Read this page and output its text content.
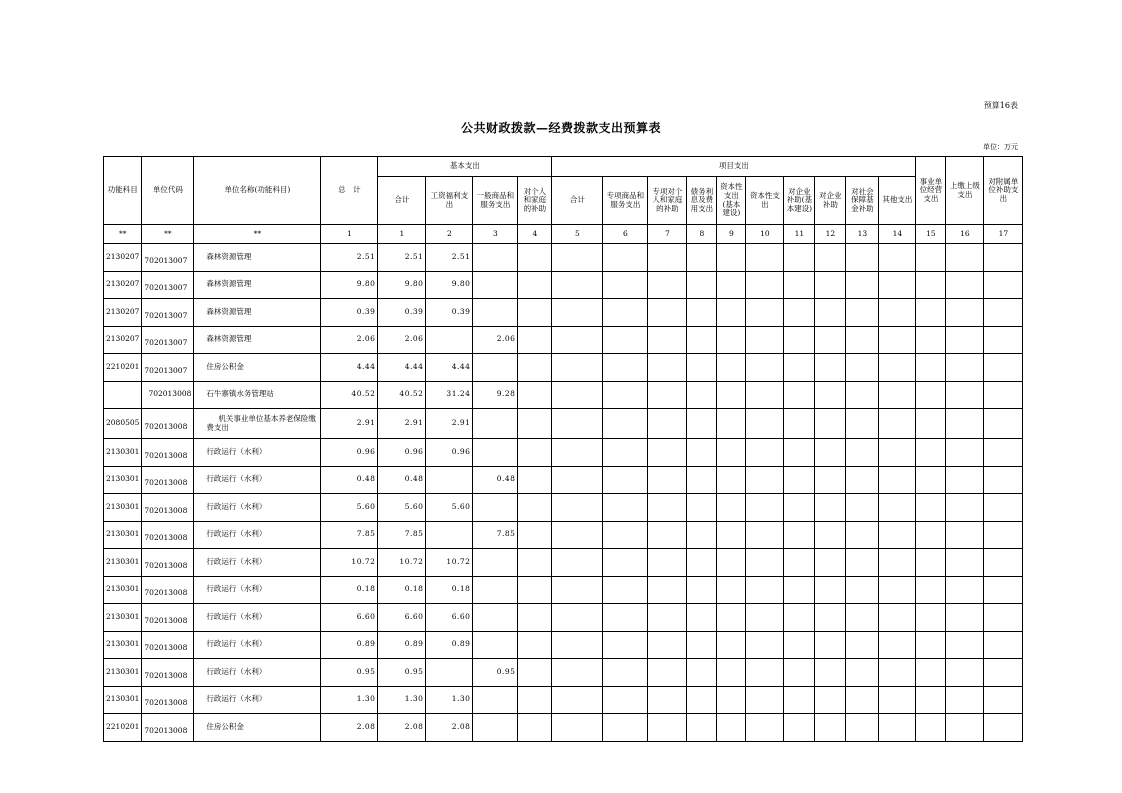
预算16表
公共财政拨款—经费拨款支出预算表
单位：万元
功能科目	单位代码	单位名称(功能科目)	总　计	基本支出				项目支出										事业单位经营支出	上缴上级支出	对附属单位补助支出
				合计	工资福利支出	一般商品和服务支出	对个人和家庭的补助	合计	专项商品和服务支出	专项对个人和家庭的补助	债务利息及费用支出	资本性支出(基本建设)	资本性支出	对企业补助(基本建设)	对企业补助	对社会保障基金补助	其他支出			
**	**	**	1	1	2	3	4	5	6	7	8	9	10	11	12	13	14	15	16	17
2130207	702013007	森林资源管理	2.51	2.51	2.51															
2130207	702013007	森林资源管理	9.80	9.80	9.80															
2130207	702013007	森林资源管理	0.39	0.39	0.39															
2130207	702013007	森林资源管理	2.06	2.06		2.06														
2210201	702013007	住房公积金	4.44	4.44	4.44															

	702013008	石牛寨镇水务管理站	40.52	40.52	31.24	9.28														
2080505	702013008	机关事业单位基本养老保险缴费支出	2.91	2.91	2.91															
2130301	702013008	行政运行（水利）	0.96	0.96	0.96															
2130301	702013008	行政运行（水利）	0.48	0.48		0.48														
2130301	702013008	行政运行（水利）	5.60	5.60	5.60															
2130301	702013008	行政运行（水利）	7.85	7.85		7.85														
2130301	702013008	行政运行（水利）	10.72	10.72	10.72															
2130301	702013008	行政运行（水利）	0.18	0.18	0.18															
2130301	702013008	行政运行（水利）	6.60	6.60	6.60															
2130301	702013008	行政运行（水利）	0.89	0.89	0.89															
2130301	702013008	行政运行（水利）	0.95	0.95		0.95														
2130301	702013008	行政运行（水利）	1.30	1.30	1.30															
2210201	702013008	住房公积金	2.08	2.08	2.08															
